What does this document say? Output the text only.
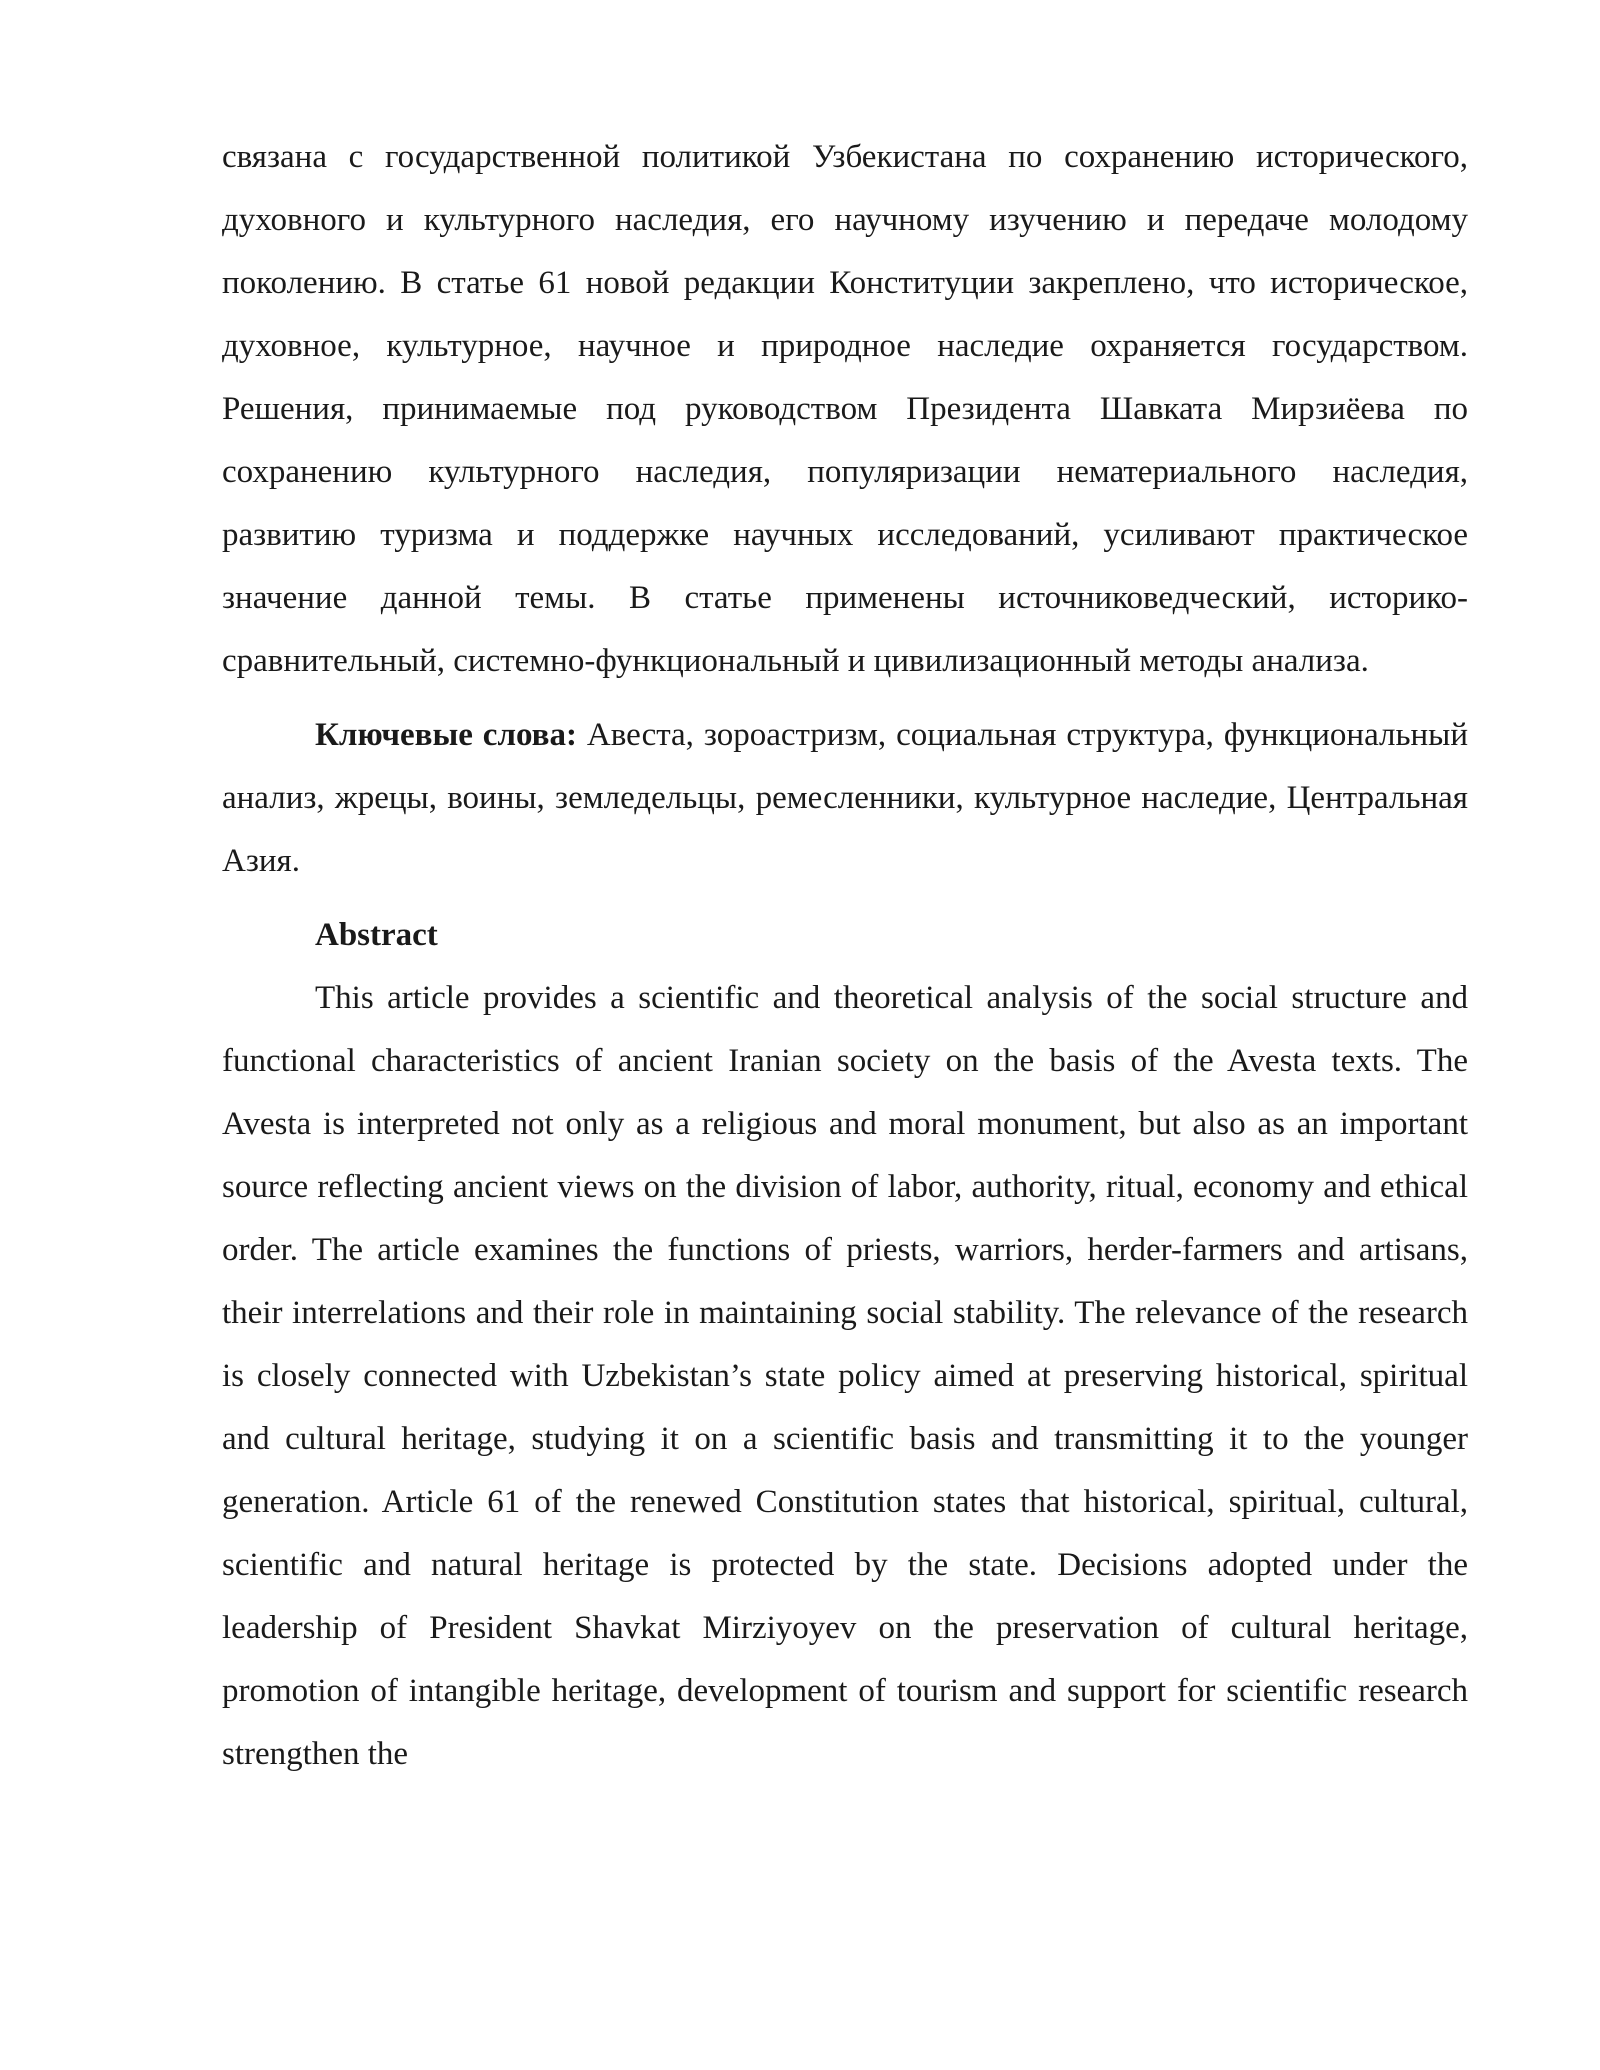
связана с государственной политикой Узбекистана по сохранению исторического, духовного и культурного наследия, его научному изучению и передаче молодому поколению. В статье 61 новой редакции Конституции закреплено, что историческое, духовное, культурное, научное и природное наследие охраняется государством. Решения, принимаемые под руководством Президента Шавката Мирзиёева по сохранению культурного наследия, популяризации нематериального наследия, развитию туризма и поддержке научных исследований, усиливают практическое значение данной темы. В статье применены источниковедческий, историко-сравнительный, системно-функциональный и цивилизационный методы анализа.

Ключевые слова: Авеста, зороастризм, социальная структура, функциональный анализ, жрецы, воины, земледельцы, ремесленники, культурное наследие, Центральная Азия.

Abstract

This article provides a scientific and theoretical analysis of the social structure and functional characteristics of ancient Iranian society on the basis of the Avesta texts. The Avesta is interpreted not only as a religious and moral monument, but also as an important source reflecting ancient views on the division of labor, authority, ritual, economy and ethical order. The article examines the functions of priests, warriors, herder-farmers and artisans, their interrelations and their role in maintaining social stability. The relevance of the research is closely connected with Uzbekistan’s state policy aimed at preserving historical, spiritual and cultural heritage, studying it on a scientific basis and transmitting it to the younger generation. Article 61 of the renewed Constitution states that historical, spiritual, cultural, scientific and natural heritage is protected by the state. Decisions adopted under the leadership of President Shavkat Mirziyoyev on the preservation of cultural heritage, promotion of intangible heritage, development of tourism and support for scientific research strengthen the
